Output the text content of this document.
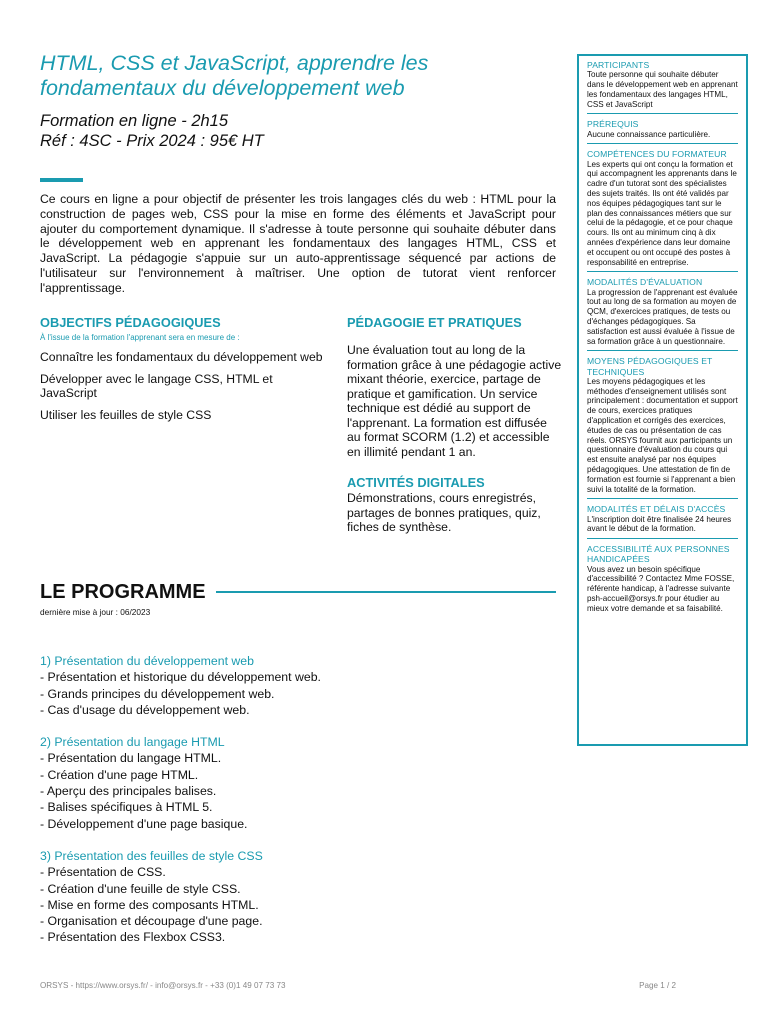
HTML, CSS et JavaScript, apprendre les fondamentaux du développement web
Formation en ligne - 2h15
Réf : 4SC - Prix 2024 : 95€ HT

Ce cours en ligne a pour objectif de présenter les trois langages clés du web : HTML pour la construction de pages web, CSS pour la mise en forme des éléments et JavaScript pour ajouter du comportement dynamique. Il s'adresse à toute personne qui souhaite débuter dans le développement web en apprenant les fondamentaux des langages HTML, CSS et JavaScript. La pédagogie s'appuie sur un auto-apprentissage séquencé par actions de l'utilisateur sur l'environnement à maîtriser. Une option de tutorat vient renforcer l'apprentissage.

OBJECTIFS PÉDAGOGIQUES

À l'issue de la formation l'apprenant sera en mesure de :

Connaître les fondamentaux du développement web

Développer avec le langage CSS, HTML et JavaScript

Utiliser les feuilles de style CSS

PÉDAGOGIE ET PRATIQUES

Une évaluation tout au long de la formation grâce à une pédagogie active mixant théorie, exercice, partage de pratique et gamification. Un service technique est dédié au support de l'apprenant. La formation est diffusée au format SCORM (1.2) et accessible en illimité pendant 1 an.

ACTIVITÉS DIGITALES

Démonstrations, cours enregistrés, partages de bonnes pratiques, quiz, fiches de synthèse.

LE PROGRAMME
dernière mise à jour : 06/2023

1) Présentation du développement web

- Présentation et historique du développement web.

- Grands principes du développement web.

- Cas d'usage du développement web.

2) Présentation du langage HTML

- Présentation du langage HTML.

- Création d'une page HTML.

- Aperçu des principales balises.

- Balises spécifiques à HTML 5.

- Développement d'une page basique.

3) Présentation des feuilles de style CSS

- Présentation de CSS.

- Création d'une feuille de style CSS.

- Mise en forme des composants HTML.

- Organisation et découpage d'une page.

- Présentation des Flexbox CSS3.

PARTICIPANTS

Toute personne qui souhaite débuter dans le développement web en apprenant les fondamentaux des langages HTML, CSS et JavaScript

PRÉREQUIS

Aucune connaissance particulière.

COMPÉTENCES DU FORMATEUR

Les experts qui ont conçu la formation et qui accompagnent les apprenants dans le cadre d'un tutorat sont des spécialistes des sujets traités. Ils ont été validés par nos équipes pédagogiques tant sur le plan des connaissances métiers que sur celui de la pédagogie, et ce pour chaque cours. Ils ont au minimum cinq à dix années d'expérience dans leur domaine et occupent ou ont occupé des postes à responsabilité en entreprise.

MODALITÉS D'ÉVALUATION

La progression de l'apprenant est évaluée tout au long de sa formation au moyen de QCM, d'exercices pratiques, de tests ou d'échanges pédagogiques. Sa satisfaction est aussi évaluée à l'issue de sa formation grâce à un questionnaire.

MOYENS PÉDAGOGIQUES ET TECHNIQUES

Les moyens pédagogiques et les méthodes d'enseignement utilisés sont principalement : documentation et support de cours, exercices pratiques d'application et corrigés des exercices, études de cas ou présentation de cas réels. ORSYS fournit aux participants un questionnaire d'évaluation du cours qui est ensuite analysé par nos équipes pédagogiques. Une attestation de fin de formation est fournie si l'apprenant a bien suivi la totalité de la formation.

MODALITÉS ET DÉLAIS D'ACCÈS

L'inscription doit être finalisée 24 heures avant le début de la formation.

ACCESSIBILITÉ AUX PERSONNES HANDICAPÉES

Vous avez un besoin spécifique d'accessibilité ? Contactez Mme FOSSE, référente handicap, à l'adresse suivante psh-accueil@orsys.fr pour étudier au mieux votre demande et sa faisabilité.

ORSYS - https://www.orsys.fr/ - info@orsys.fr - +33 (0)1 49 07 73 73	Page 1 / 2
